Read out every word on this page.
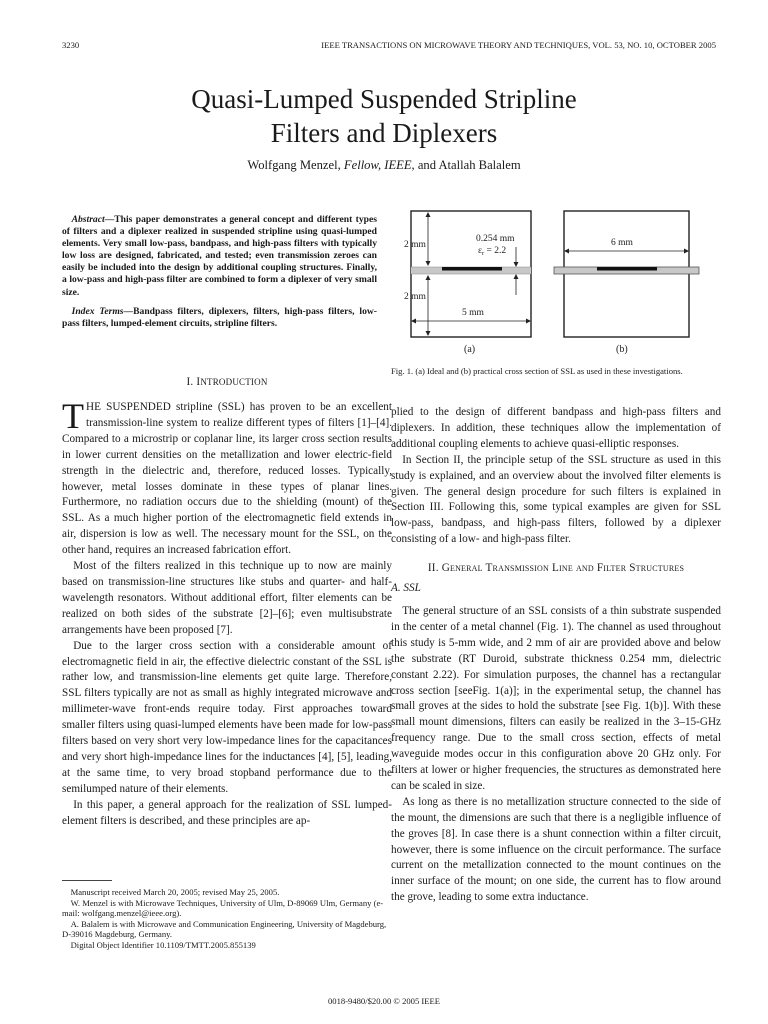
3230	IEEE TRANSACTIONS ON MICROWAVE THEORY AND TECHNIQUES, VOL. 53, NO. 10, OCTOBER 2005
Quasi-Lumped Suspended Stripline
Filters and Diplexers
Wolfgang Menzel, Fellow, IEEE, and Atallah Balalem

Abstract—This paper demonstrates a general concept and different types of filters and a diplexer realized in suspended stripline using quasi-lumped elements. Very small low-pass, bandpass, and high-pass filters with typically low loss are designed, fabricated, and tested; even transmission zeroes can easily be included into the design by additional coupling structures. Finally, a low-pass and high-pass filter are combined to form a diplexer of very small size.

Index Terms—Bandpass filters, diplexers, filters, high-pass filters, low-pass filters, lumped-element circuits, stripline filters.

2 mm
0.254 mm
$\varepsilon_r = 2.2$
2 mm
5 mm
(a)
6 mm
(b)
Fig. 1. (a) Ideal and (b) practical cross section of SSL as used in these investigations.
I. INTRODUCTION

THE SUSPENDED stripline (SSL) has proven to be an excellent transmission-line system to realize different types of filters [1]–[4]. Compared to a microstrip or coplanar line, its larger cross section results in lower current densities on the metallization and lower electric-field strength in the dielectric and, therefore, reduced losses. Typically, however, metal losses dominate in these types of planar lines. Furthermore, no radiation occurs due to the shielding (mount) of the SSL. As a much higher portion of the electromagnetic field extends in air, dispersion is low as well. The necessary mount for the SSL, on the other hand, requires an increased fabrication effort.

Most of the filters realized in this technique up to now are mainly based on transmission-line structures like stubs and quarter- and half-wavelength resonators. Without additional effort, filter elements can be realized on both sides of the substrate [2]–[6]; even multisubstrate arrangements have been proposed [7].

Due to the larger cross section with a considerable amount of electromagnetic field in air, the effective dielectric constant of the SSL is rather low, and transmission-line elements get quite large. Therefore, SSL filters typically are not as small as highly integrated microwave and millimeter-wave front-ends require today. First approaches toward smaller filters using quasi-lumped elements have been made for low-pass filters based on very short very low-impedance lines for the capacitances and very short high-impedance lines for the inductances [4], [5], leading, at the same time, to very broad stopband performance due to the semilumped nature of their elements.

In this paper, a general approach for the realization of SSL lumped-element filters is described, and these principles are ap-

Manuscript received March 20, 2005; revised May 25, 2005.
W. Menzel is with Microwave Techniques, University of Ulm, D-89069 Ulm, Germany (e-mail: wolfgang.menzel@ieee.org).
A. Balalem is with Microwave and Communication Engineering, University of Magdeburg, D-39016 Magdeburg, Germany.
Digital Object Identifier 10.1109/TMTT.2005.855139

plied to the design of different bandpass and high-pass filters and diplexers. In addition, these techniques allow the implementation of additional coupling elements to achieve quasi-elliptic responses.

In Section II, the principle setup of the SSL structure as used in this study is explained, and an overview about the involved filter elements is given. The general design procedure for such filters is explained in Section III. Following this, some typical examples are given for SSL low-pass, bandpass, and high-pass filters, followed by a diplexer consisting of a low- and high-pass filter.

II. General Transmission Line and Filter Structures
A. SSL

The general structure of an SSL consists of a thin substrate suspended in the center of a metal channel (Fig. 1). The channel as used throughout this study is 5-mm wide, and 2 mm of air are provided above and below the substrate (RT Duroid, substrate thickness 0.254 mm, dielectric constant 2.22). For simulation purposes, the channel has a rectangular cross section [seeFig. 1(a)]; in the experimental setup, the channel has small groves at the sides to hold the substrate [see Fig. 1(b)]. With these small mount dimensions, filters can easily be realized in the 3–15-GHz frequency range. Due to the small cross section, effects of metal waveguide modes occur in this configuration above 20 GHz only. For filters at lower or higher frequencies, the structures as demonstrated here can be scaled in size.

As long as there is no metallization structure connected to the side of the mount, the dimensions are such that there is a negligible influence of the groves [8]. In case there is a shunt connection within a filter circuit, however, there is some influence on the circuit performance. The surface current on the metallization connected to the mount continues on the inner surface of the mount; on one side, the current has to flow around the grove, leading to some extra inductance.

0018-9480/$20.00 © 2005 IEEE
